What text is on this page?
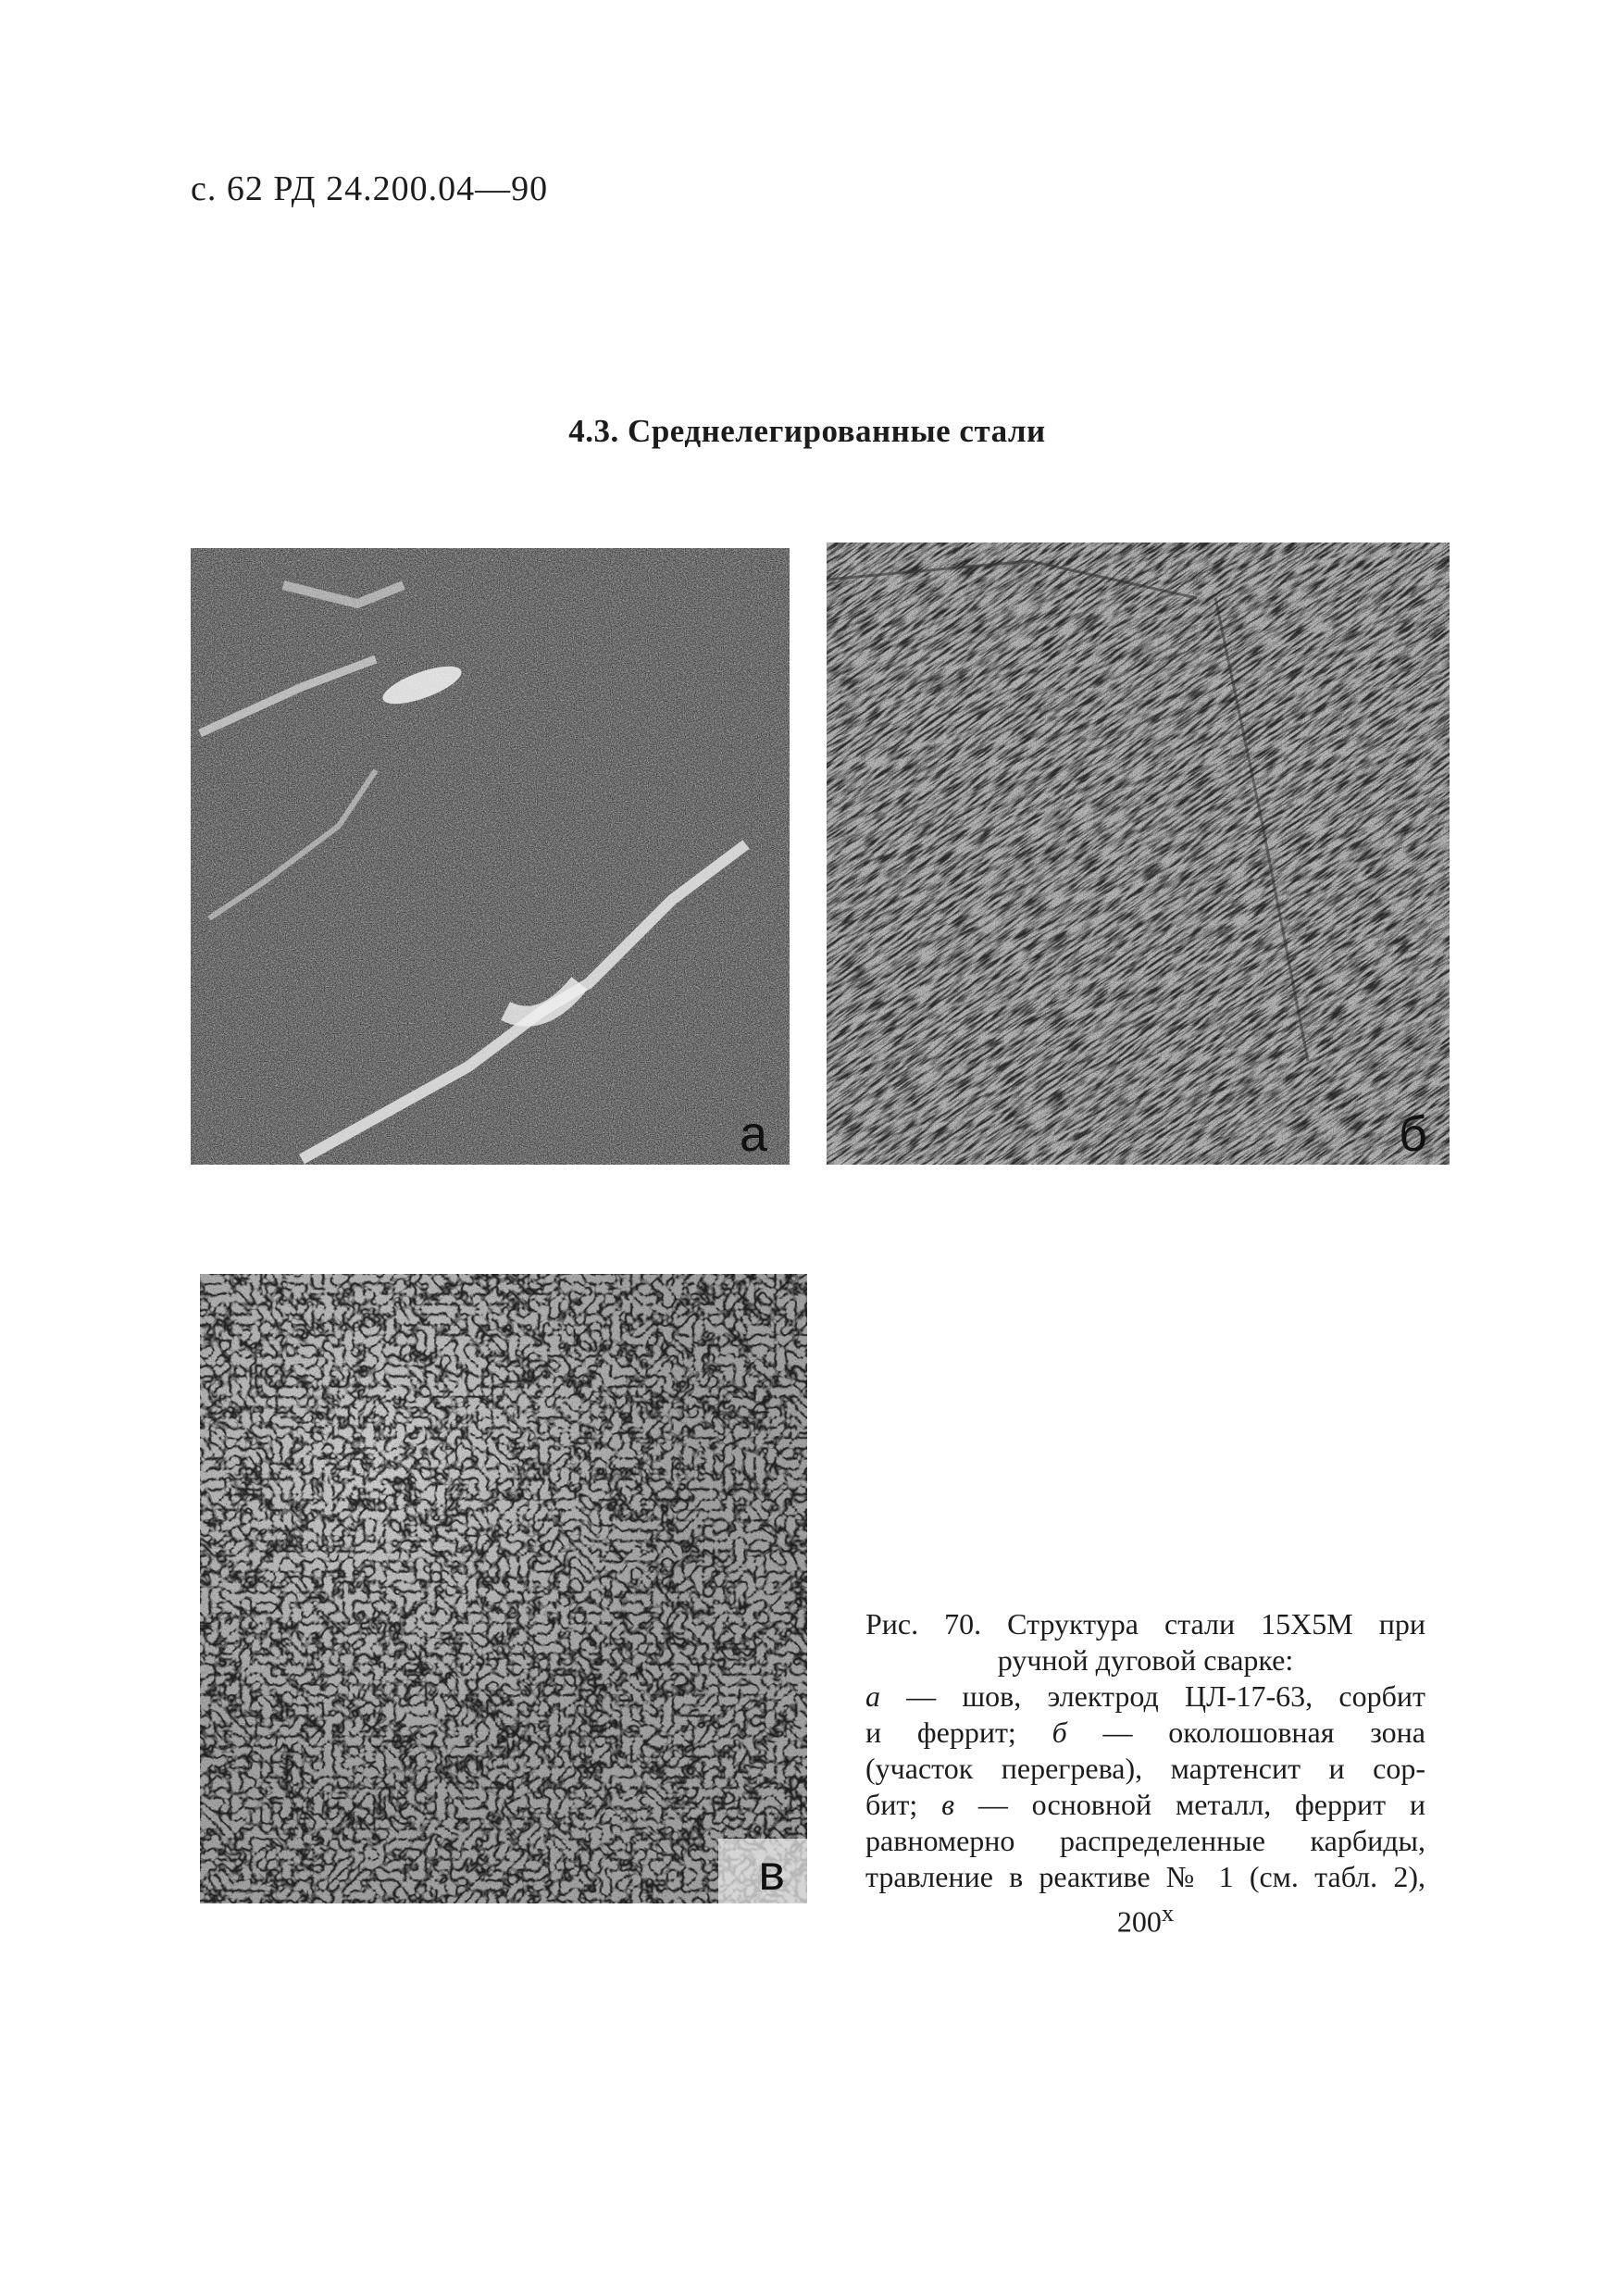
с. 62 РД 24.200.04—90
4.3. Среднелегированные стали
а	б
в
Рис. 70. Структура стали 15Х5М при
ручной дуговой сварке:
а — шов, электрод ЦЛ-17-63, сорбит
и феррит; б — околошовная зона
(участок перегрева), мартенсит и сор-
бит; в — основной металл, феррит и
равномерно распределенные карбиды,
травление в реактиве № 1 (см. табл. 2),
200$^x$
